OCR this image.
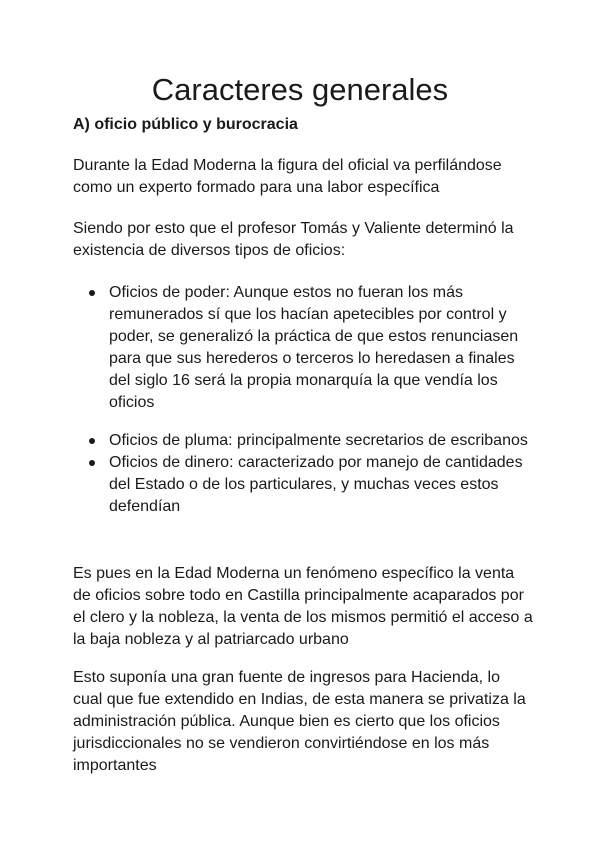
Caracteres generales
A) oficio público y burocracia

Durante la Edad Moderna la figura del oficial va perfilándose como un experto formado para una labor específica

Siendo por esto que el profesor Tomás y Valiente determinó la existencia de diversos tipos de oficios:

Oficios de poder: Aunque estos no fueran los más remunerados sí que los hacían apetecibles por control y poder, se generalizó la práctica de que estos renunciasen para que sus herederos o terceros lo heredasen a finales del siglo 16 será la propia monarquía la que vendía los oficios
Oficios de pluma: principalmente secretarios de escribanos
Oficios de dinero: caracterizado por manejo de cantidades del Estado o de los particulares, y muchas veces estos defendían

Es pues en la Edad Moderna un fenómeno específico la venta de oficios sobre todo en Castilla principalmente acaparados por el clero y la nobleza, la venta de los mismos permitió el acceso a la baja nobleza y al patriarcado urbano

Esto suponía una gran fuente de ingresos para Hacienda, lo cual que fue extendido en Indias, de esta manera se privatiza la administración pública. Aunque bien es cierto que los oficios jurisdiccionales no se vendieron convirtiéndose en los más importantes
